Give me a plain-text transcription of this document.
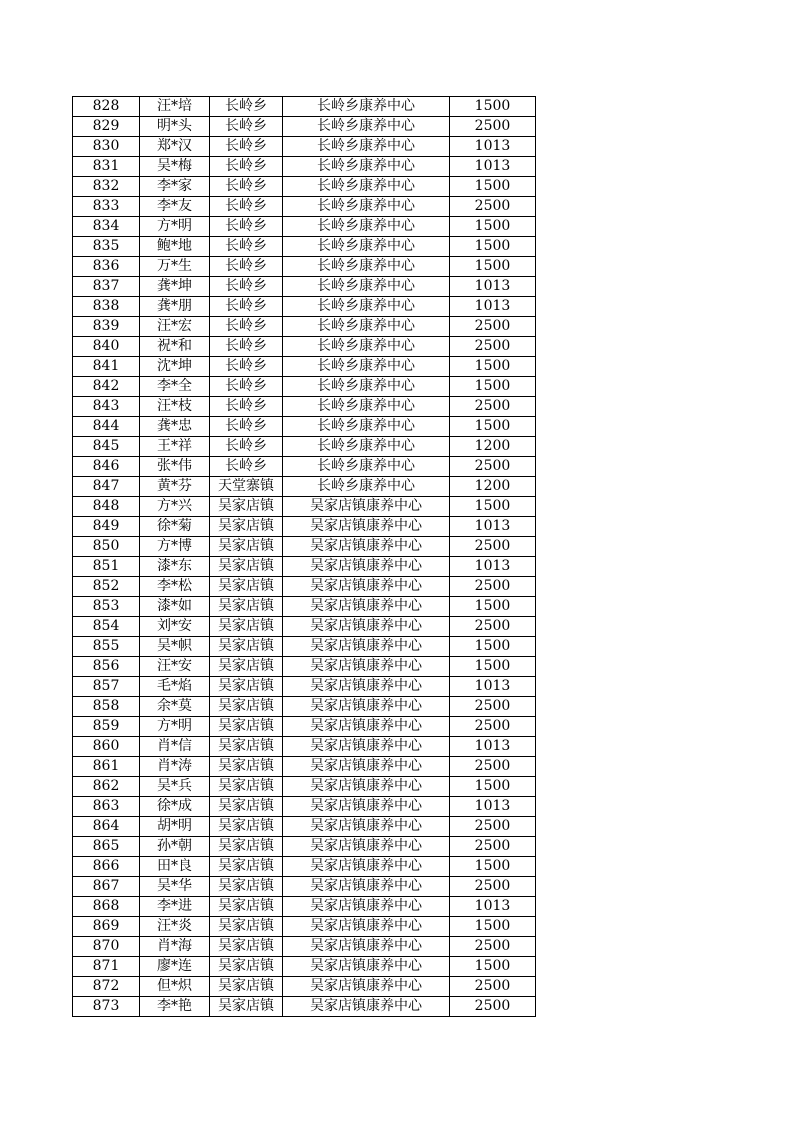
828	汪*培	长岭乡	长岭乡康养中心	1500
829	明*头	长岭乡	长岭乡康养中心	2500
830	郑*汉	长岭乡	长岭乡康养中心	1013
831	吴*梅	长岭乡	长岭乡康养中心	1013
832	李*家	长岭乡	长岭乡康养中心	1500
833	李*友	长岭乡	长岭乡康养中心	2500
834	方*明	长岭乡	长岭乡康养中心	1500
835	鲍*地	长岭乡	长岭乡康养中心	1500
836	万*生	长岭乡	长岭乡康养中心	1500
837	龚*坤	长岭乡	长岭乡康养中心	1013
838	龚*朋	长岭乡	长岭乡康养中心	1013
839	汪*宏	长岭乡	长岭乡康养中心	2500
840	祝*和	长岭乡	长岭乡康养中心	2500
841	沈*坤	长岭乡	长岭乡康养中心	1500
842	李*全	长岭乡	长岭乡康养中心	1500
843	汪*枝	长岭乡	长岭乡康养中心	2500
844	龚*忠	长岭乡	长岭乡康养中心	1500
845	王*祥	长岭乡	长岭乡康养中心	1200
846	张*伟	长岭乡	长岭乡康养中心	2500
847	黄*芬	天堂寨镇	长岭乡康养中心	1200
848	方*兴	吴家店镇	吴家店镇康养中心	1500
849	徐*菊	吴家店镇	吴家店镇康养中心	1013
850	方*博	吴家店镇	吴家店镇康养中心	2500
851	漆*东	吴家店镇	吴家店镇康养中心	1013
852	李*松	吴家店镇	吴家店镇康养中心	2500
853	漆*如	吴家店镇	吴家店镇康养中心	1500
854	刘*安	吴家店镇	吴家店镇康养中心	2500
855	吴*帜	吴家店镇	吴家店镇康养中心	1500
856	汪*安	吴家店镇	吴家店镇康养中心	1500
857	毛*焰	吴家店镇	吴家店镇康养中心	1013
858	余*莫	吴家店镇	吴家店镇康养中心	2500
859	方*明	吴家店镇	吴家店镇康养中心	2500
860	肖*信	吴家店镇	吴家店镇康养中心	1013
861	肖*涛	吴家店镇	吴家店镇康养中心	2500
862	吴*兵	吴家店镇	吴家店镇康养中心	1500
863	徐*成	吴家店镇	吴家店镇康养中心	1013
864	胡*明	吴家店镇	吴家店镇康养中心	2500
865	孙*朝	吴家店镇	吴家店镇康养中心	2500
866	田*良	吴家店镇	吴家店镇康养中心	1500
867	吴*华	吴家店镇	吴家店镇康养中心	2500
868	李*进	吴家店镇	吴家店镇康养中心	1013
869	汪*炎	吴家店镇	吴家店镇康养中心	1500
870	肖*海	吴家店镇	吴家店镇康养中心	2500
871	廖*连	吴家店镇	吴家店镇康养中心	1500
872	但*炽	吴家店镇	吴家店镇康养中心	2500
873	李*艳	吴家店镇	吴家店镇康养中心	2500
